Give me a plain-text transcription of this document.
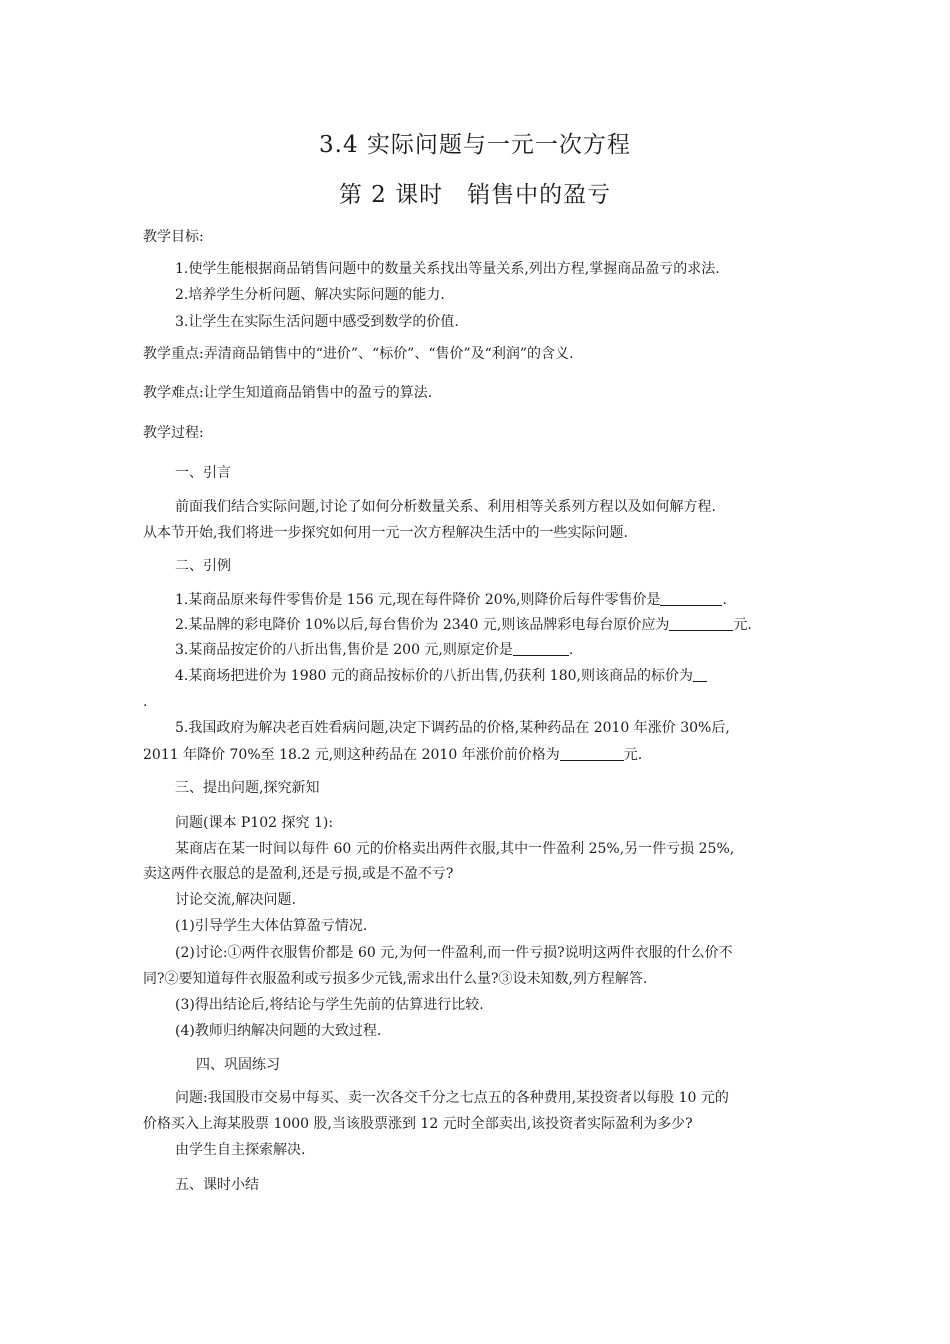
3.4 实际问题与一元一次方程
第 2 课时　销售中的盈亏
教学目标:
1.使学生能根据商品销售问题中的数量关系找出等量关系,列出方程,掌握商品盈亏的求法.
2.培养学生分析问题、解决实际问题的能力.
3.让学生在实际生活问题中感受到数学的价值.
教学重点:弄清商品销售中的“进价”、“标价”、“售价”及“利润”的含义.
教学难点:让学生知道商品销售中的盈亏的算法.
教学过程:
一、引言
前面我们结合实际问题,讨论了如何分析数量关系、利用相等关系列方程以及如何解方程.
从本节开始,我们将进一步探究如何用一元一次方程解决生活中的一些实际问题.
二、引例
1.某商品原来每件零售价是 156 元,现在每件降价 20%,则降价后每件零售价是	.
2.某品牌的彩电降价 10%以后,每台售价为 2340 元,则该品牌彩电每台原价应为	元.
3.某商品按定价的八折出售,售价是 200 元,则原定价是	.
4.某商场把进价为 1980 元的商品按标价的八折出售,仍获利 180,则该商品的标价为
.
5.我国政府为解决老百姓看病问题,决定下调药品的价格,某种药品在 2010 年涨价 30%后,
2011 年降价 70%至 18.2 元,则这种药品在 2010 年涨价前价格为	元.
三、提出问题,探究新知
问题(课本 P102 探究 1):
某商店在某一时间以每件 60 元的价格卖出两件衣服,其中一件盈利 25%,另一件亏损 25%,
卖这两件衣服总的是盈利,还是亏损,或是不盈不亏?
讨论交流,解决问题.
(1)引导学生大体估算盈亏情况.
(2)讨论:①两件衣服售价都是 60 元,为何一件盈利,而一件亏损?说明这两件衣服的什么价不
同?②要知道每件衣服盈利或亏损多少元钱,需求出什么量?③设未知数,列方程解答.
(3)得出结论后,将结论与学生先前的估算进行比较.
(4)教师归纳解决问题的大致过程.
四、巩固练习
问题:我国股市交易中每买、卖一次各交千分之七点五的各种费用,某投资者以每股 10 元的
价格买入上海某股票 1000 股,当该股票涨到 12 元时全部卖出,该投资者实际盈利为多少?
由学生自主探索解决.
五、课时小结
